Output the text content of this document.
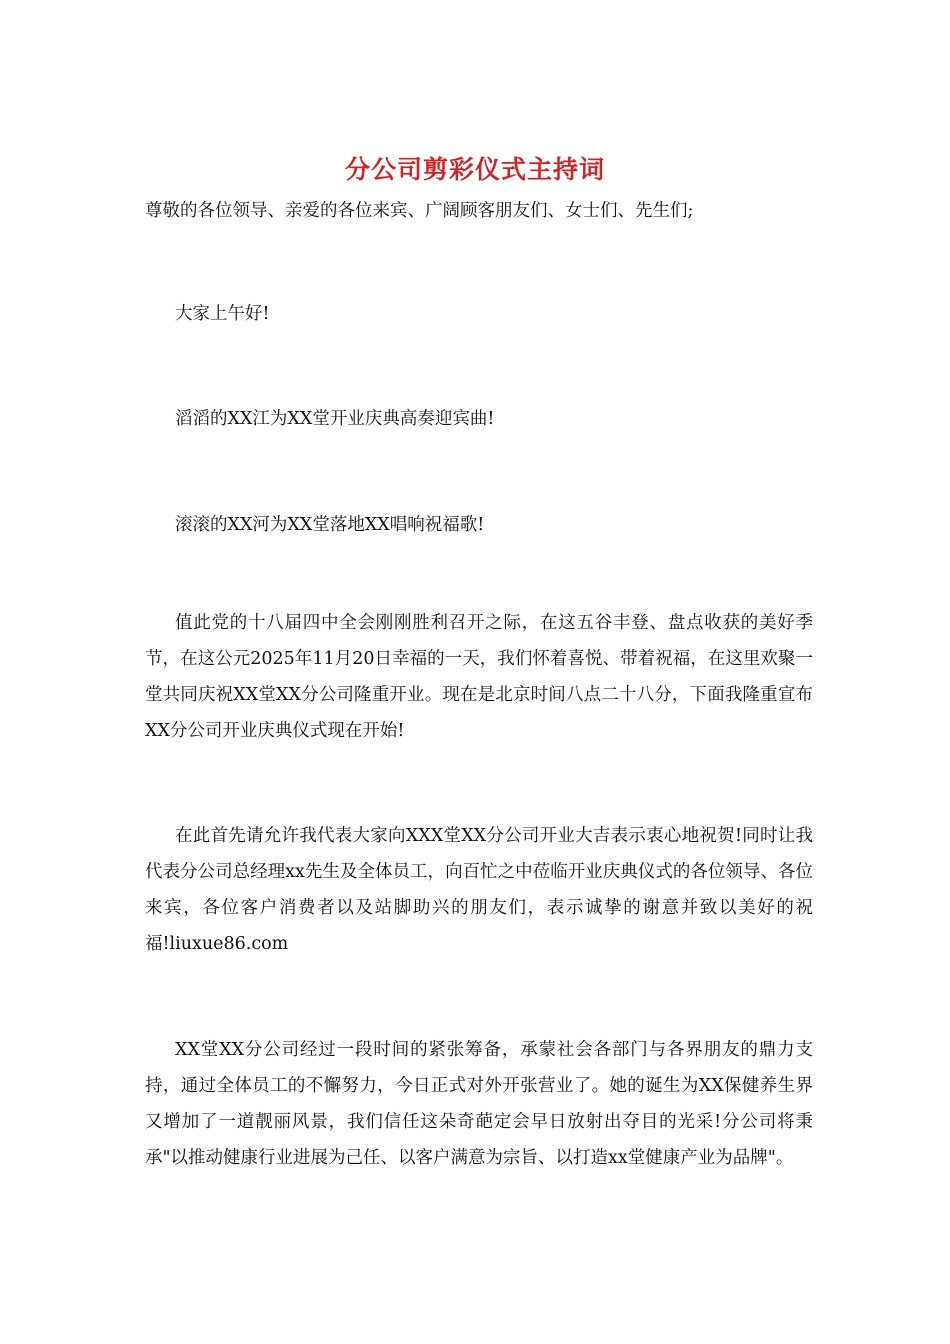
分公司剪彩仪式主持词

尊敬的各位领导、亲爱的各位来宾、广阔顾客朋友们、女士们、先生们;

大家上午好!

滔滔的XX江为XX堂开业庆典高奏迎宾曲!

滚滚的XX河为XX堂落地XX唱响祝福歌!

值此党的十八届四中全会刚刚胜利召开之际，在这五谷丰登、盘点收获的美好季节，在这公元2025年11月20日幸福的一天，我们怀着喜悦、带着祝福，在这里欢聚一堂共同庆祝XX堂XX分公司隆重开业。现在是北京时间八点二十八分，下面我隆重宣布XX分公司开业庆典仪式现在开始!

在此首先请允许我代表大家向XXX堂XX分公司开业大吉表示衷心地祝贺!同时让我代表分公司总经理xx先生及全体员工，向百忙之中莅临开业庆典仪式的各位领导、各位来宾，各位客户消费者以及站脚助兴的朋友们，表示诚挚的谢意并致以美好的祝福!liuxue86.com

XX堂XX分公司经过一段时间的紧张筹备，承蒙社会各部门与各界朋友的鼎力支持，通过全体员工的不懈努力，今日正式对外开张营业了。她的诞生为XX保健养生界又增加了一道靓丽风景，我们信任这朵奇葩定会早日放射出夺目的光采!分公司将秉承"以推动健康行业进展为己任、以客户满意为宗旨、以打造xx堂健康产业为品牌"。
